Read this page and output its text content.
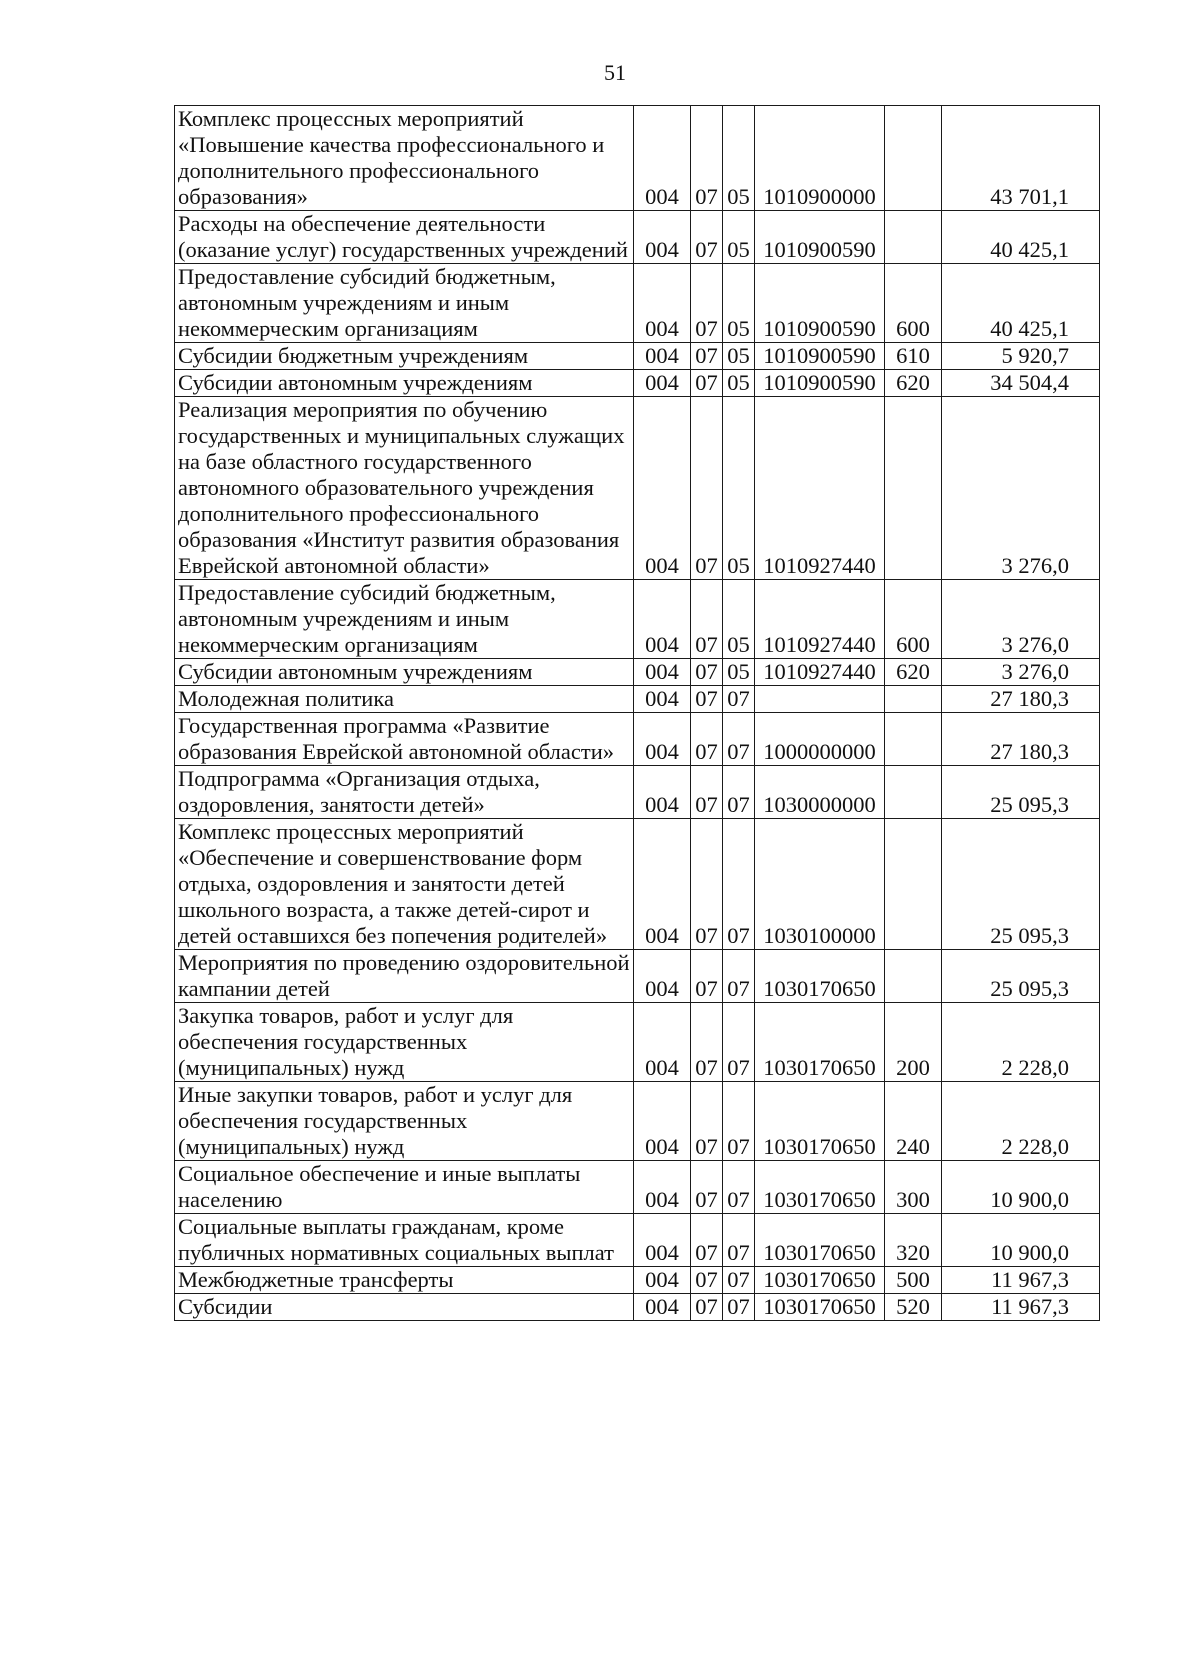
51
Комплекс процессных мероприятий «Повышение качества профессионального и дополнительного профессионального образования»	004	07	05	1010900000		43 701,1
Расходы на обеспечение деятельности (оказание услуг) государственных учреждений	004	07	05	1010900590		40 425,1
Предоставление субсидий бюджетным, автономным учреждениям и иным некоммерческим организациям	004	07	05	1010900590	600	40 425,1
Субсидии бюджетным учреждениям	004	07	05	1010900590	610	5 920,7
Субсидии автономным учреждениям	004	07	05	1010900590	620	34 504,4
Реализация мероприятия по обучению государственных и муниципальных служащих на базе областного государственного автономного образовательного учреждения дополнительного профессионального образования «Институт развития образования Еврейской автономной области»	004	07	05	1010927440		3 276,0
Предоставление субсидий бюджетным, автономным учреждениям и иным некоммерческим организациям	004	07	05	1010927440	600	3 276,0
Субсидии автономным учреждениям	004	07	05	1010927440	620	3 276,0
Молодежная политика	004	07	07			27 180,3
Государственная программа «Развитие образования Еврейской автономной области»	004	07	07	1000000000		27 180,3
Подпрограмма «Организация отдыха, оздоровления, занятости детей»	004	07	07	1030000000		25 095,3
Комплекс процессных мероприятий «Обеспечение и совершенствование форм отдыха, оздоровления и занятости детей школьного возраста, а также детей-сирот и детей оставшихся без попечения родителей»	004	07	07	1030100000		25 095,3
Мероприятия по проведению оздоровительной кампании детей	004	07	07	1030170650		25 095,3
Закупка товаров, работ и услуг для обеспечения государственных (муниципальных) нужд	004	07	07	1030170650	200	2 228,0
Иные закупки товаров, работ и услуг для обеспечения государственных (муниципальных) нужд	004	07	07	1030170650	240	2 228,0
Социальное обеспечение и иные выплаты населению	004	07	07	1030170650	300	10 900,0
Социальные выплаты гражданам, кроме публичных нормативных социальных выплат	004	07	07	1030170650	320	10 900,0
Межбюджетные трансферты	004	07	07	1030170650	500	11 967,3
Субсидии	004	07	07	1030170650	520	11 967,3
